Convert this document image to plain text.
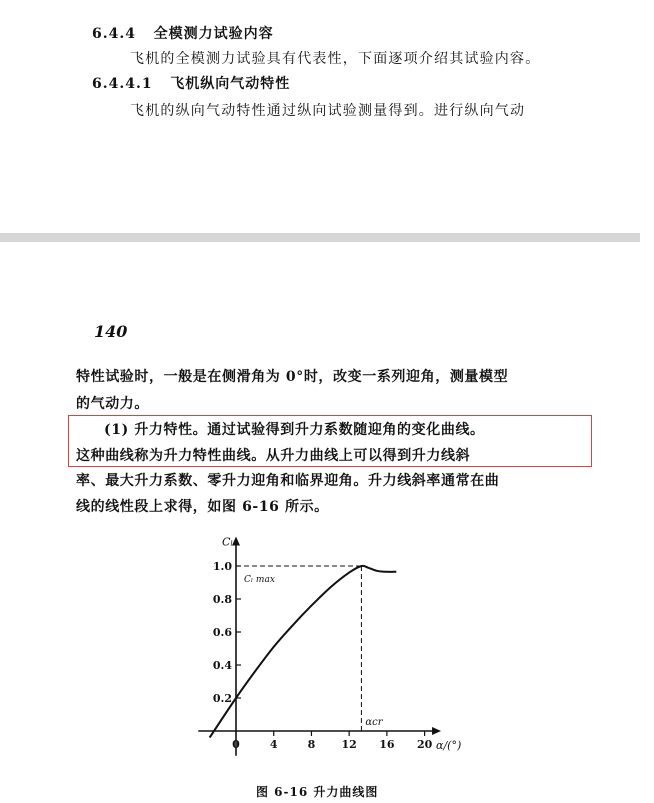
6.4.4 全模测力试验内容
飞机的全模测力试验具有代表性，下面逐项介绍其试验内容。
6.4.4.1 飞机纵向气动特性
飞机的纵向气动特性通过纵向试验测量得到。进行纵向气动
140
特性试验时，一般是在侧滑角为 0°时，改变一系列迎角，测量模型
的气动力。
(1) 升力特性。通过试验得到升力系数随迎角的变化曲线。
这种曲线称为升力特性曲线。从升力曲线上可以得到升力线斜
率、最大升力系数、零升力迎角和临界迎角。升力线斜率通常在曲
线的线性段上求得，如图 6-16 所示。
0	4	8 12 16 20
0.2
0.4
0.6
0.8
1.0
Cₗ
α/(°)
Cₗ max
αcr
图 6-16 升力曲线图
